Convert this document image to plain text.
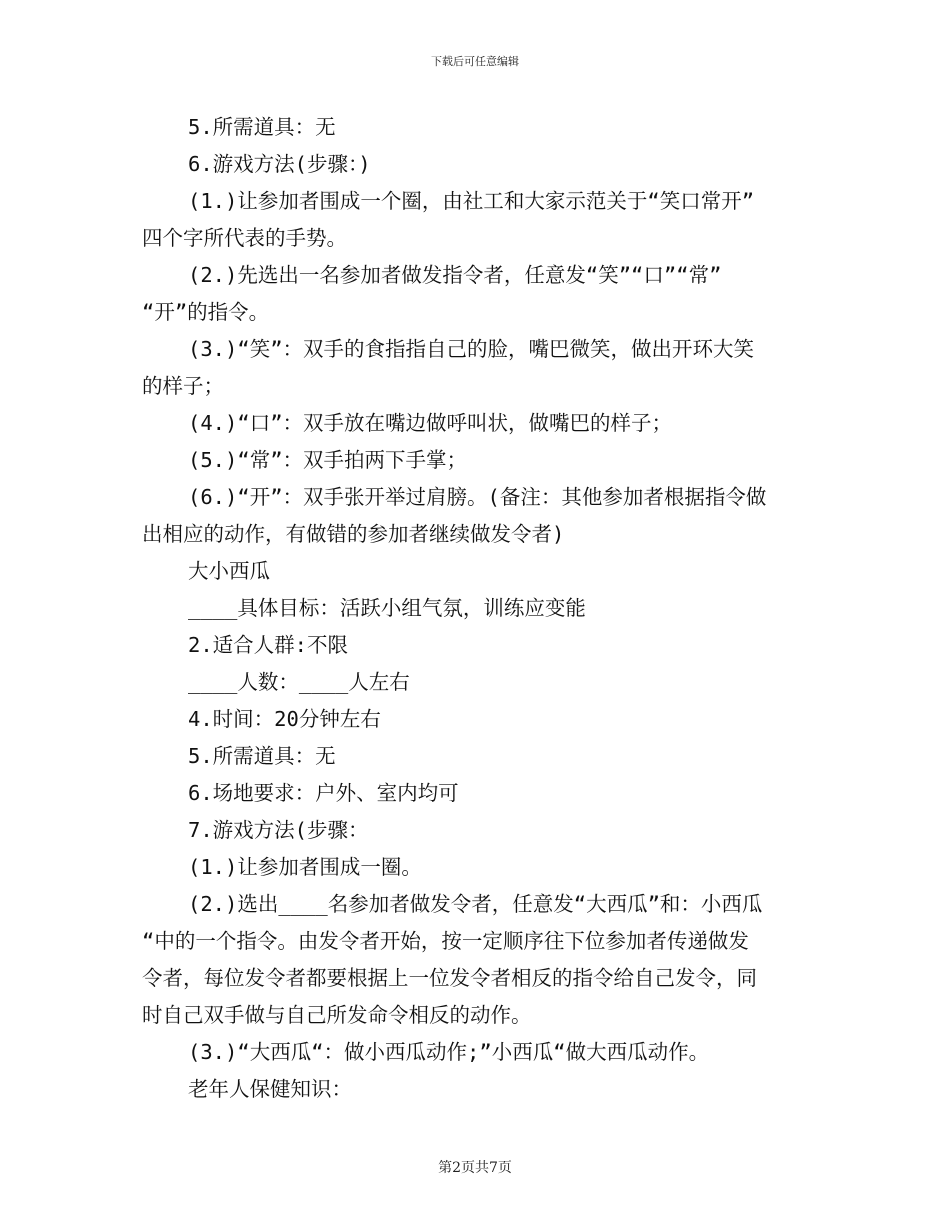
下载后可任意编辑
5.所需道具：无
6.游戏方法(步骤：)
(1.)让参加者围成一个圈，由社工和大家示范关于“笑口常开”
四个字所代表的手势。
(2.)先选出一名参加者做发指令者，任意发“笑”“口”“常”
“开”的指令。
(3.)“笑”：双手的食指指自己的脸，嘴巴微笑，做出开环大笑
的样子；
(4.)“口”：双手放在嘴边做呼叫状，做嘴巴的样子；
(5.)“常”：双手拍两下手掌；
(6.)“开”：双手张开举过肩膀。(备注：其他参加者根据指令做
出相应的动作，有做错的参加者继续做发令者)
大小西瓜
____具体目标：活跃小组气氛，训练应变能
2.适合人群:不限
____人数：____人左右
4.时间：20分钟左右
5.所需道具：无
6.场地要求：户外、室内均可
7.游戏方法(步骤：
(1.)让参加者围成一圈。
(2.)选出____名参加者做发令者，任意发“大西瓜”和：小西瓜
“中的一个指令。由发令者开始，按一定顺序往下位参加者传递做发
令者，每位发令者都要根据上一位发令者相反的指令给自己发令，同
时自己双手做与自己所发命令相反的动作。
(3.)“大西瓜“：做小西瓜动作;”小西瓜“做大西瓜动作。
老年人保健知识：
第2页共7页
